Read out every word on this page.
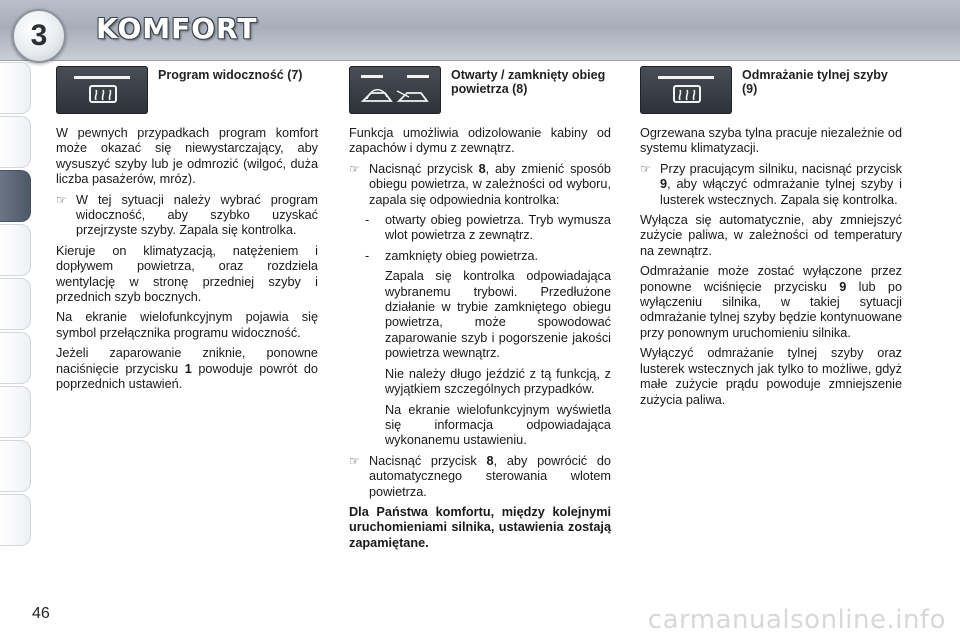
3	KOMFORT
Program widoczność (7)

W pewnych przypadkach program komfort może okazać się niewystarczający, aby wysuszyć szyby lub je odmrozić (wilgoć, duża liczba pasażerów, mróz).

☞ W tej sytuacji należy wybrać program widoczność, aby szybko uzyskać przejrzyste szyby. Zapala się kontrolka.

Kieruje on klimatyzacją, natężeniem i dopływem powietrza, oraz rozdziela wentylację w stronę przedniej szyby i przednich szyb bocznych.

Na ekranie wielofunkcyjnym pojawia się symbol przełącznika programu widoczność.

Jeżeli zaparowanie zniknie, ponowne naciśnięcie przycisku 1 powoduje powrót do poprzednich ustawień.

Otwarty / zamknięty obieg powietrza (8)

Funkcja umożliwia odizolowanie kabiny od zapachów i dymu z zewnątrz.

☞ Nacisnąć przycisk 8, aby zmienić sposób obiegu powietrza, w zależności od wyboru, zapala się odpowiednia kontrolka:
-	otwarty obieg powietrza. Tryb wymusza wlot powietrza z zewnątrz.
-	zamknięty obieg powietrza.

Zapala się kontrolka odpowiadająca wybranemu trybowi. Przedłużone działanie w trybie zamkniętego obiegu powietrza, może spowodować zaparowanie szyb i pogorszenie jakości powietrza wewnątrz.

Nie należy długo jeździć z tą funkcją, z wyjątkiem szczególnych przypadków.

Na ekranie wielofunkcyjnym wyświetla się informacja odpowiadająca wykonanemu ustawieniu.

☞ Nacisnąć przycisk 8, aby powrócić do automatycznego sterowania wlotem powietrza.

Dla Państwa komfortu, między kolejnymi uruchomieniami silnika, ustawienia zostają zapamiętane.

Odmrażanie tylnej szyby (9)

Ogrzewana szyba tylna pracuje niezależnie od systemu klimatyzacji.

☞ Przy pracującym silniku, nacisnąć przycisk 9, aby włączyć odmrażanie tylnej szyby i lusterek wstecznych. Zapala się kontrolka.

Wyłącza się automatycznie, aby zmniejszyć zużycie paliwa, w zależności od temperatury na zewnątrz.

Odmrażanie może zostać wyłączone przez ponowne wciśnięcie przycisku 9 lub po wyłączeniu silnika, w takiej sytuacji odmrażanie tylnej szyby będzie kontynuowane przy ponownym uruchomieniu silnika.

Wyłączyć odmrażanie tylnej szyby oraz lusterek wstecznych jak tylko to możliwe, gdyż małe zużycie prądu powoduje zmniejszenie zużycia paliwa.

46	carmanualsonline.info
